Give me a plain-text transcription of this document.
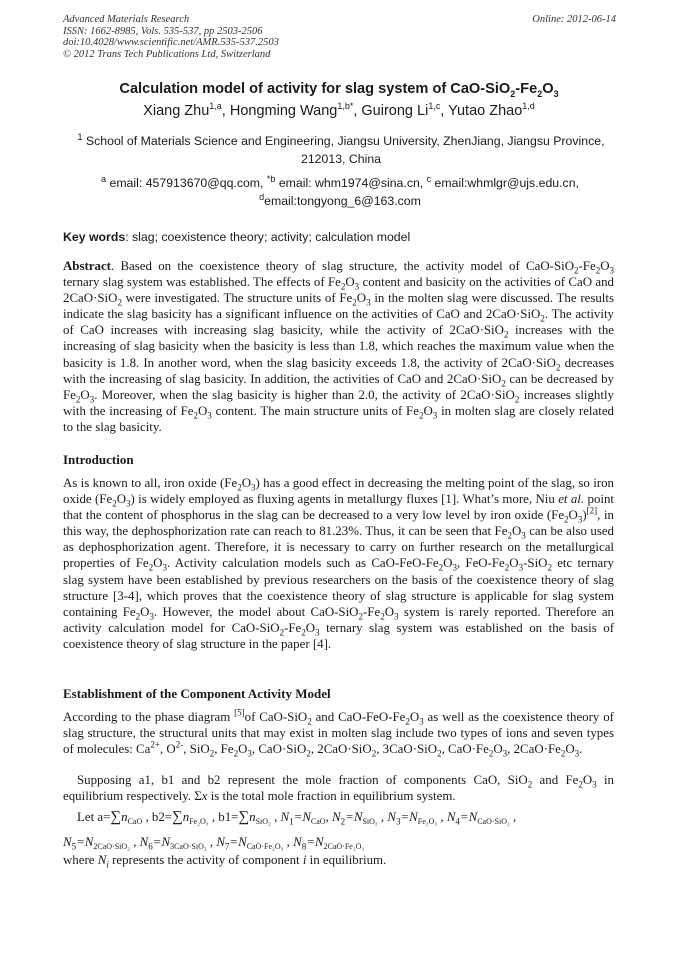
Advanced Materials Research
ISSN: 1662-8985, Vols. 535-537, pp 2503-2506
doi:10.4028/www.scientific.net/AMR.535-537.2503
© 2012 Trans Tech Publications Ltd, Switzerland
Online: 2012-06-14
Calculation model of activity for slag system of CaO-$SiO_2-Fe_2O_3$
Xiang Zhu$^{1,a}$, Hongming Wang$^{1,b*}$, Guirong Li$^{1,c}$, Yutao Zhao$^{1,d}$
$^1$ School of Materials Science and Engineering, Jiangsu University, ZhenJiang, Jiangsu Province, 212013, China
$^a$ email: 457913670@qq.com, $^{*b}$ email: whm1974@sina.cn, $^c$ email:whmlgr@ujs.edu.cn,
$^d$email:tongyong_6@163.com
Key words: slag; coexistence theory; activity; calculation model
Abstract. Based on the coexistence theory of slag structure, the activity model of CaO-$SiO_2-Fe_2O_3$ ternary slag system was established. The effects of $Fe_2O_3$ content and basicity on the activities of CaO and 2CaO·SiO$_2$ were investigated. The structure units of $Fe_2O_3$ in the molten slag were discussed. The results indicate the slag basicity has a significant influence on the activities of CaO and 2CaO·SiO$_2$. The activity of CaO increases with increasing slag basicity, while the activity of 2CaO·SiO$_2$ increases with the increasing of slag basicity when the basicity is less than 1.8, which reaches the maximum value when the basicity is 1.8. In another word, when the slag basicity exceeds 1.8, the activity of 2CaO·SiO$_2$ decreases with the increasing of slag basicity. In addition, the activities of CaO and 2CaO·SiO$_2$ can be decreased by $Fe_2O_3$. Moreover, when the slag basicity is higher than 2.0, the activity of 2CaO·SiO$_2$ increases slightly with the increasing of $Fe_2O_3$ content. The main structure units of $Fe_2O_3$ in molten slag are closely related to the slag basicity.
Introduction
As is known to all, iron oxide $(Fe_2O_3)$ has a good effect in decreasing the melting point of the slag, so iron oxide $(Fe_2O_3)$ is widely employed as fluxing agents in metallurgy fluxes [1]. What’s more, Niu et al. point that the content of phosphorus in the slag can be decreased to a very low level by iron oxide $(Fe_2O_3)[2]$, in this way, the dephosphorization rate can reach to 81.23%. Thus, it can be seen that $Fe_2O_3$ can be also used as dephosphorization agent. Therefore, it is necessary to carry on further research on the metallurgical properties of $Fe_2O_3$. Activity calculation models such as CaO-$FeO-Fe_2O_3$, FeO-$Fe_2O_3-SiO_2$ etc ternary slag system have been established by previous researchers on the basis of the coexistence theory of slag structure [3-4], which proves that the coexistence theory of slag structure is applicable for slag system containing $Fe_2O_3$. However, the model about CaO-$SiO_2-Fe_2O_3$ system is rarely reported. Therefore an activity calculation model for CaO-$SiO_2-Fe_2O_3$ ternary slag system was established on the basis of coexistence theory of slag structure in the paper [4].
Establishment of the Component Activity Model
According to the phase diagram [5]of CaO-SiO$_2$ and CaO-$FeO-Fe_2O_3$ as well as the coexistence theory of slag structure, the structural units that may exist in molten slag include two types of ions and seven types of molecules: $Ca^{2+}$, $O^{2-}$, SiO$_2$, $Fe_2O_3$, CaO·SiO$_2$, 2CaO·SiO$_2$, 3CaO·SiO$_2$, $CaO\cdot Fe_2O_3$, $2CaO\cdot Fe_2O_3$.
Supposing a1, b1 and b2 represent the mole fraction of components CaO, SiO$_2$ and $Fe_2O_3$ in equilibrium respectively. Σx is the total mole fraction in equilibrium system.
Let $a=\sum n_{CaO}$ , $b2=\sum n_{Fe_2O_3}$ , $b1=\sum n_{SiO_2}$ , $N_1=N_{CaO}$, $N_2=N_{SiO_2}$ , $N_3=N_{Fe_2O_3}$ , $N_4=N_{CaO\cdot SiO_2}$ ,
$N_5=N_{2CaO\cdot SiO_2}$ , $N_6=N_{3CaO\cdot SiO_2}$ , $N_7=N_{CaO\cdot Fe_2O_3}$ , $N_8=N_{2CaO\cdot Fe_2O_3}$
where $N_i$ represents the activity of component i in equilibrium.
